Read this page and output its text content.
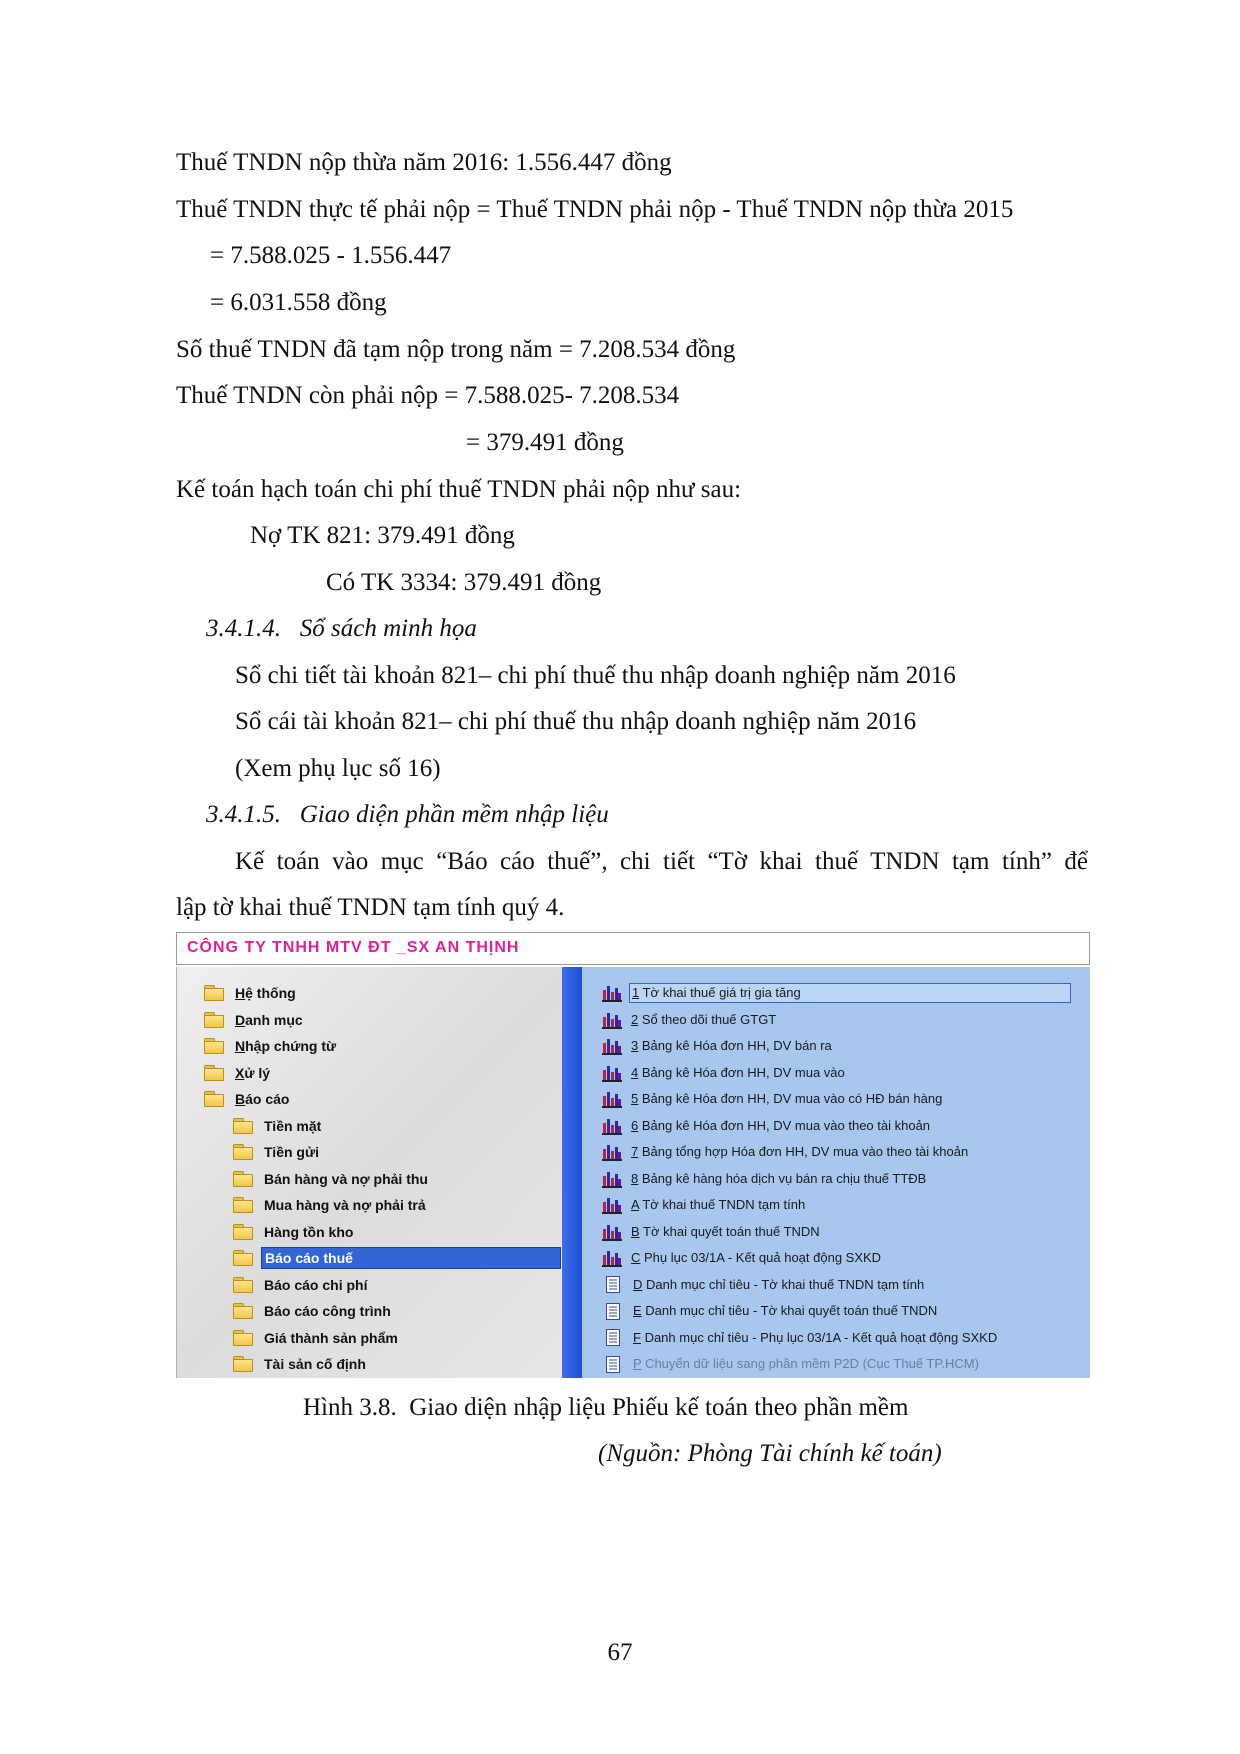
Thuế TNDN nộp thừa năm 2016: 1.556.447 đồng
Thuế TNDN thực tế phải nộp = Thuế TNDN phải nộp - Thuế TNDN nộp thừa 2015
= 7.588.025 - 1.556.447
= 6.031.558 đồng
Số thuế TNDN đã tạm nộp trong năm = 7.208.534 đồng
Thuế TNDN còn phải nộp = 7.588.025- 7.208.534
= 379.491 đồng
Kế toán hạch toán chi phí thuế TNDN phải nộp như sau:
Nợ TK 821: 379.491 đồng
Có TK 3334: 379.491 đồng
3.4.1.4.   Sổ sách minh họa
Sổ chi tiết tài khoản 821– chi phí thuế thu nhập doanh nghiệp năm 2016
Sổ cái tài khoản 821– chi phí thuế thu nhập doanh nghiệp năm 2016
(Xem phụ lục số 16)
3.4.1.5.   Giao diện phần mềm nhập liệu
Kế toán vào mục “Báo cáo thuế”, chi tiết “Tờ khai thuế TNDN tạm tính” để
lập tờ khai thuế TNDN tạm tính quý 4.
CÔNG TY TNHH MTV ĐT _SX AN THỊNH
Hệ thống
Danh mục
Nhập chứng từ
Xử lý
Báo cáo
Tiền mặt
Tiền gửi
Bán hàng và nợ phải thu
Mua hàng và nợ phải trả
Hàng tồn kho
Báo cáo thuế
Báo cáo chi phí
Báo cáo công trình
Giá thành sản phẩm
Tài sản cố định
1 Tờ khai thuế giá trị gia tăng
2 Sổ theo dõi thuế GTGT
3 Bảng kê Hóa đơn HH, DV bán ra
4 Bảng kê Hóa đơn HH, DV mua vào
5 Bảng kê Hóa đơn HH, DV mua vào có HĐ bán hàng
6 Bảng kê Hóa đơn HH, DV mua vào theo tài khoản
7 Bảng tổng hợp Hóa đơn HH, DV mua vào theo tài khoản
8 Bảng kê hàng hóa dịch vụ bán ra chịu thuế TTĐB
A Tờ khai thuế TNDN tạm tính
B Tờ khai quyết toán thuế TNDN
C Phụ lục 03/1A - Kết quả hoạt động SXKD
D Danh mục chỉ tiêu - Tờ khai thuế TNDN tạm tính
E Danh mục chỉ tiêu - Tờ khai quyết toán thuế TNDN
F Danh mục chỉ tiêu - Phụ lục 03/1A - Kết quả hoạt động SXKD
P Chuyển dữ liệu sang phần mềm P2D (Cục Thuế TP.HCM)
Hình 3.8.  Giao diện nhập liệu Phiếu kế toán theo phần mềm
(Nguồn: Phòng Tài chính kế toán)
67
